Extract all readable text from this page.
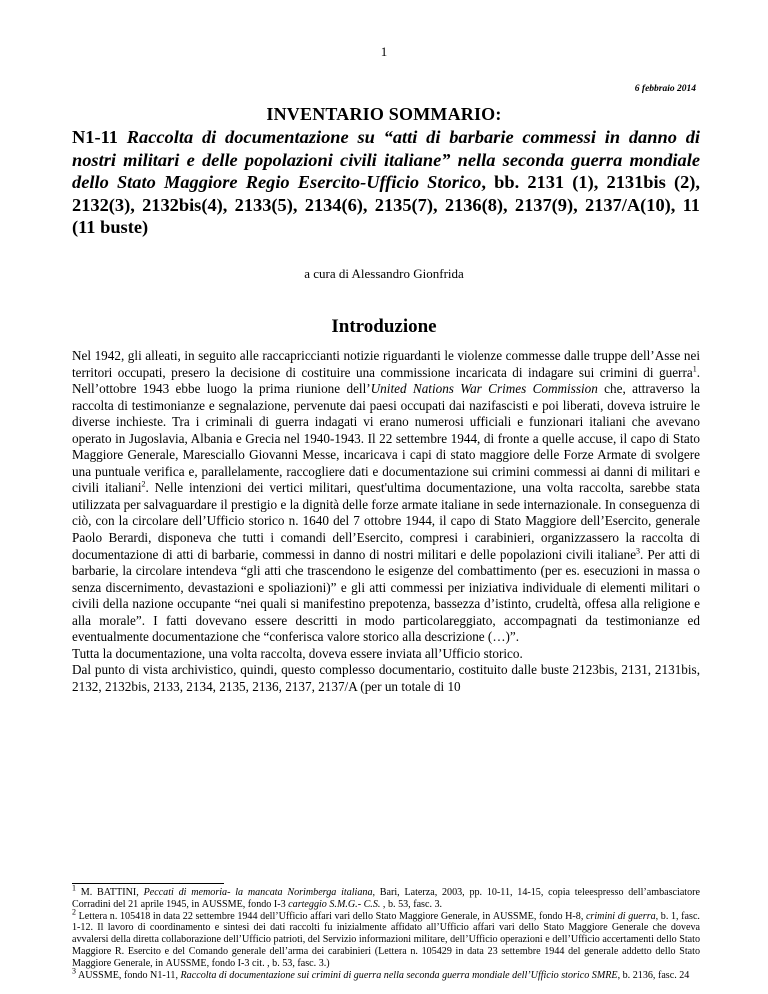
1
6 febbraio 2014
INVENTARIO SOMMARIO:
N1-11 Raccolta di documentazione su “atti di barbarie commessi in danno di nostri militari e delle popolazioni civili italiane” nella seconda guerra mondiale dello Stato Maggiore Regio Esercito-Ufficio Storico, bb. 2131 (1), 2131bis (2), 2132(3), 2132bis(4), 2133(5), 2134(6), 2135(7), 2136(8), 2137(9), 2137/A(10), 11 (11 buste)
a cura di Alessandro Gionfrida
Introduzione

Nel 1942, gli alleati, in seguito alle raccapriccianti notizie riguardanti le violenze commesse dalle truppe dell’Asse nei territori occupati, presero la decisione di costituire una commissione incaricata di indagare sui crimini di guerra$^1$. Nell’ottobre 1943 ebbe luogo la prima riunione dell’United Nations War Crimes Commission che, attraverso la raccolta di testimonianze e segnalazione, pervenute dai paesi occupati dai nazifascisti e poi liberati, doveva istruire le diverse inchieste. Tra i criminali di guerra indagati vi erano numerosi ufficiali e funzionari italiani che avevano operato in Jugoslavia, Albania e Grecia nel 1940-1943. Il 22 settembre 1944, di fronte a quelle accuse, il capo di Stato Maggiore Generale, Maresciallo Giovanni Messe, incaricava i capi di stato maggiore delle Forze Armate di svolgere una puntuale verifica e, parallelamente, raccogliere dati e documentazione sui crimini commessi ai danni di militari e civili italiani$^2$. Nelle intenzioni dei vertici militari, quest'ultima documentazione, una volta raccolta, sarebbe stata utilizzata per salvaguardare il prestigio e la dignità delle forze armate italiane in sede internazionale. In conseguenza di ciò, con la circolare dell’Ufficio storico n. 1640 del 7 ottobre 1944, il capo di Stato Maggiore dell’Esercito, generale Paolo Berardi, disponeva che tutti i comandi dell’Esercito, compresi i carabinieri, organizzassero la raccolta di documentazione di atti di barbarie, commessi in danno di nostri militari e delle popolazioni civili italiane$^3$. Per atti di barbarie, la circolare intendeva “gli atti che trascendono le esigenze del combattimento (per es. esecuzioni in massa o senza discernimento, devastazioni e spoliazioni)” e gli atti commessi per iniziativa individuale di elementi militari o civili della nazione occupante “nei quali si manifestino prepotenza, bassezza d’istinto, crudeltà, offesa alla religione e alla morale”. I fatti dovevano essere descritti in modo particolareggiato, accompagnati da testimonianze ed eventualmente documentazione che “conferisca valore storico alla descrizione (…)”.

Tutta la documentazione, una volta raccolta, doveva essere inviata all’Ufficio storico.

Dal punto di vista archivistico, quindi, questo complesso documentario, costituito dalle buste 2123bis, 2131, 2131bis, 2132, 2132bis, 2133, 2134, 2135, 2136, 2137, 2137/A (per un totale di 10

$^1$ M. BATTINI, Peccati di memoria- la mancata Norimberga italiana, Bari, Laterza, 2003, pp. 10-11, 14-15, copia teleespresso dell’ambasciatore Corradini del 21 aprile 1945, in AUSSME, fondo I-3 carteggio S.M.G.- C.S. , b. 53, fasc. 3.

$^2$ Lettera n. 105418 in data 22 settembre 1944 dell’Ufficio affari vari dello Stato Maggiore Generale, in AUSSME, fondo H-8, crimini di guerra, b. 1, fasc. 1-12. Il lavoro di coordinamento e sintesi dei dati raccolti fu inizialmente affidato all’Ufficio affari vari dello Stato Maggiore Generale che doveva avvalersi della diretta collaborazione dell’Ufficio patrioti, del Servizio informazioni militare, dell’Ufficio operazioni e dell’Ufficio accertamenti dello Stato Maggiore R. Esercito e del Comando generale dell’arma dei carabinieri (Lettera n. 105429 in data 23 settembre 1944 del generale addetto dello Stato Maggiore Generale, in AUSSME, fondo I-3 cit. , b. 53, fasc. 3.)

$^3$ AUSSME, fondo N1-11, Raccolta di documentazione sui crimini di guerra nella seconda guerra mondiale dell’Ufficio storico SMRE, b. 2136, fasc. 24
